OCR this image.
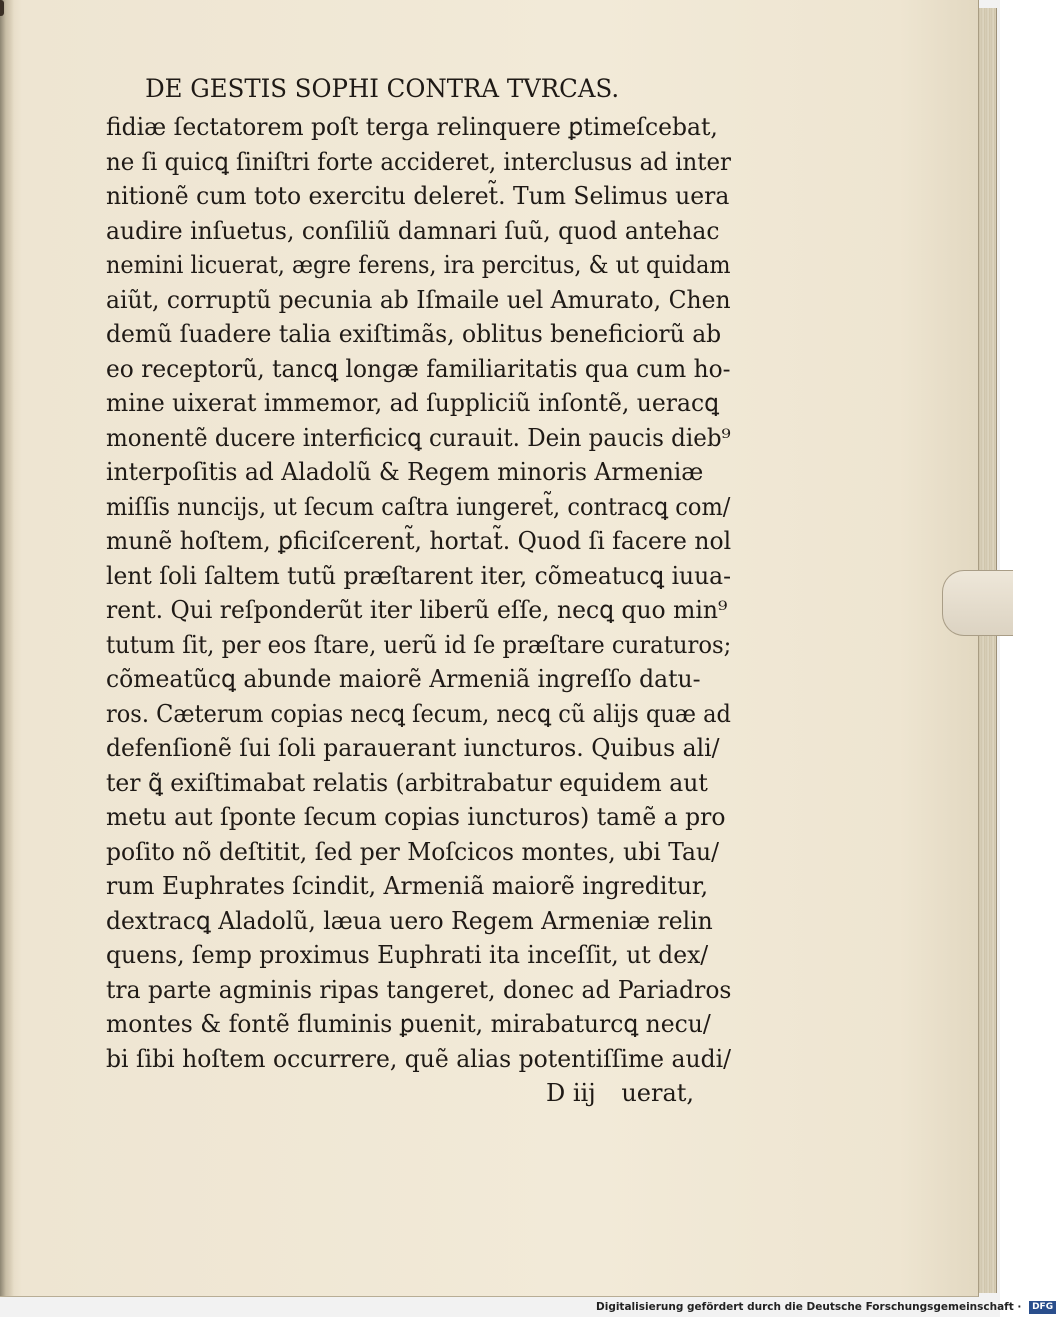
DE GESTIS SOPHI CONTRA TVRCAS.
fidiæ ſectatorem poſt terga relinquere ꝑtimeſcebat,
ne ſi quicꝗ ſiniſtri forte accideret, interclusus ad inter
nitionẽ cum toto exercitu deleret̃. Tum Selimus uera
audire inſuetus, conſiliũ damnari ſuũ, quod antehac
nemini licuerat, ægre ferens, ira percitus, & ut quidam
aiũt, corruptũ pecunia ab Iſmaile uel Amurato, Chen
demũ ſuadere talia exiſtimãs, oblitus beneficiorũ ab
eo receptorũ, tancꝗ longæ familiaritatis qua cum ho-
mine uixerat immemor, ad ſuppliciũ inſontẽ, ueracꝗ
monentẽ ducere interficicꝗ curauit. Dein paucis dieb⁹
interpoſitis ad Aladolũ & Regem minoris Armeniæ
miſſis nuncijs, ut ſecum caſtra iungeret̃, contracꝗ com/
munẽ hoſtem, ꝑficiſcerent̃, hortat̃. Quod ſi facere nol
lent ſoli ſaltem tutũ præſtarent iter, cõmeatucꝗ iuua-
rent. Qui reſponderũt iter liberũ eſſe, necꝗ quo min⁹
tutum ſit, per eos ſtare, uerũ id ſe præſtare curaturos;
cõmeatũcꝗ abunde maiorẽ Armeniã ingreſſo datu-
ros. Cæterum copias necꝗ ſecum, necꝗ cũ alijs quæ ad
defenſionẽ ſui ſoli parauerant iuncturos. Quibus ali/
ter ꝗ̃ exiſtimabat relatis (arbitrabatur equidem aut
metu aut ſponte ſecum copias iuncturos) tamẽ a pro
poſito nõ deſtitit, ſed per Moſcicos montes, ubi Tau/
rum Euphrates ſcindit, Armeniã maiorẽ ingreditur,
dextracꝗ Aladolũ, læua uero Regem Armeniæ relin
quens, ſemp proximus Euphrati ita inceſſit, ut dex/
tra parte agminis ripas tangeret, donec ad Pariadros
montes & fontẽ fluminis ꝑuenit, mirabaturcꝗ necu/
bi ſibi hoſtem occurrere, quẽ alias potentiſſime audi/
D iij uerat,
Digitalisierung gefördert durch die Deutsche Forschungsgemeinschaft · DFG
